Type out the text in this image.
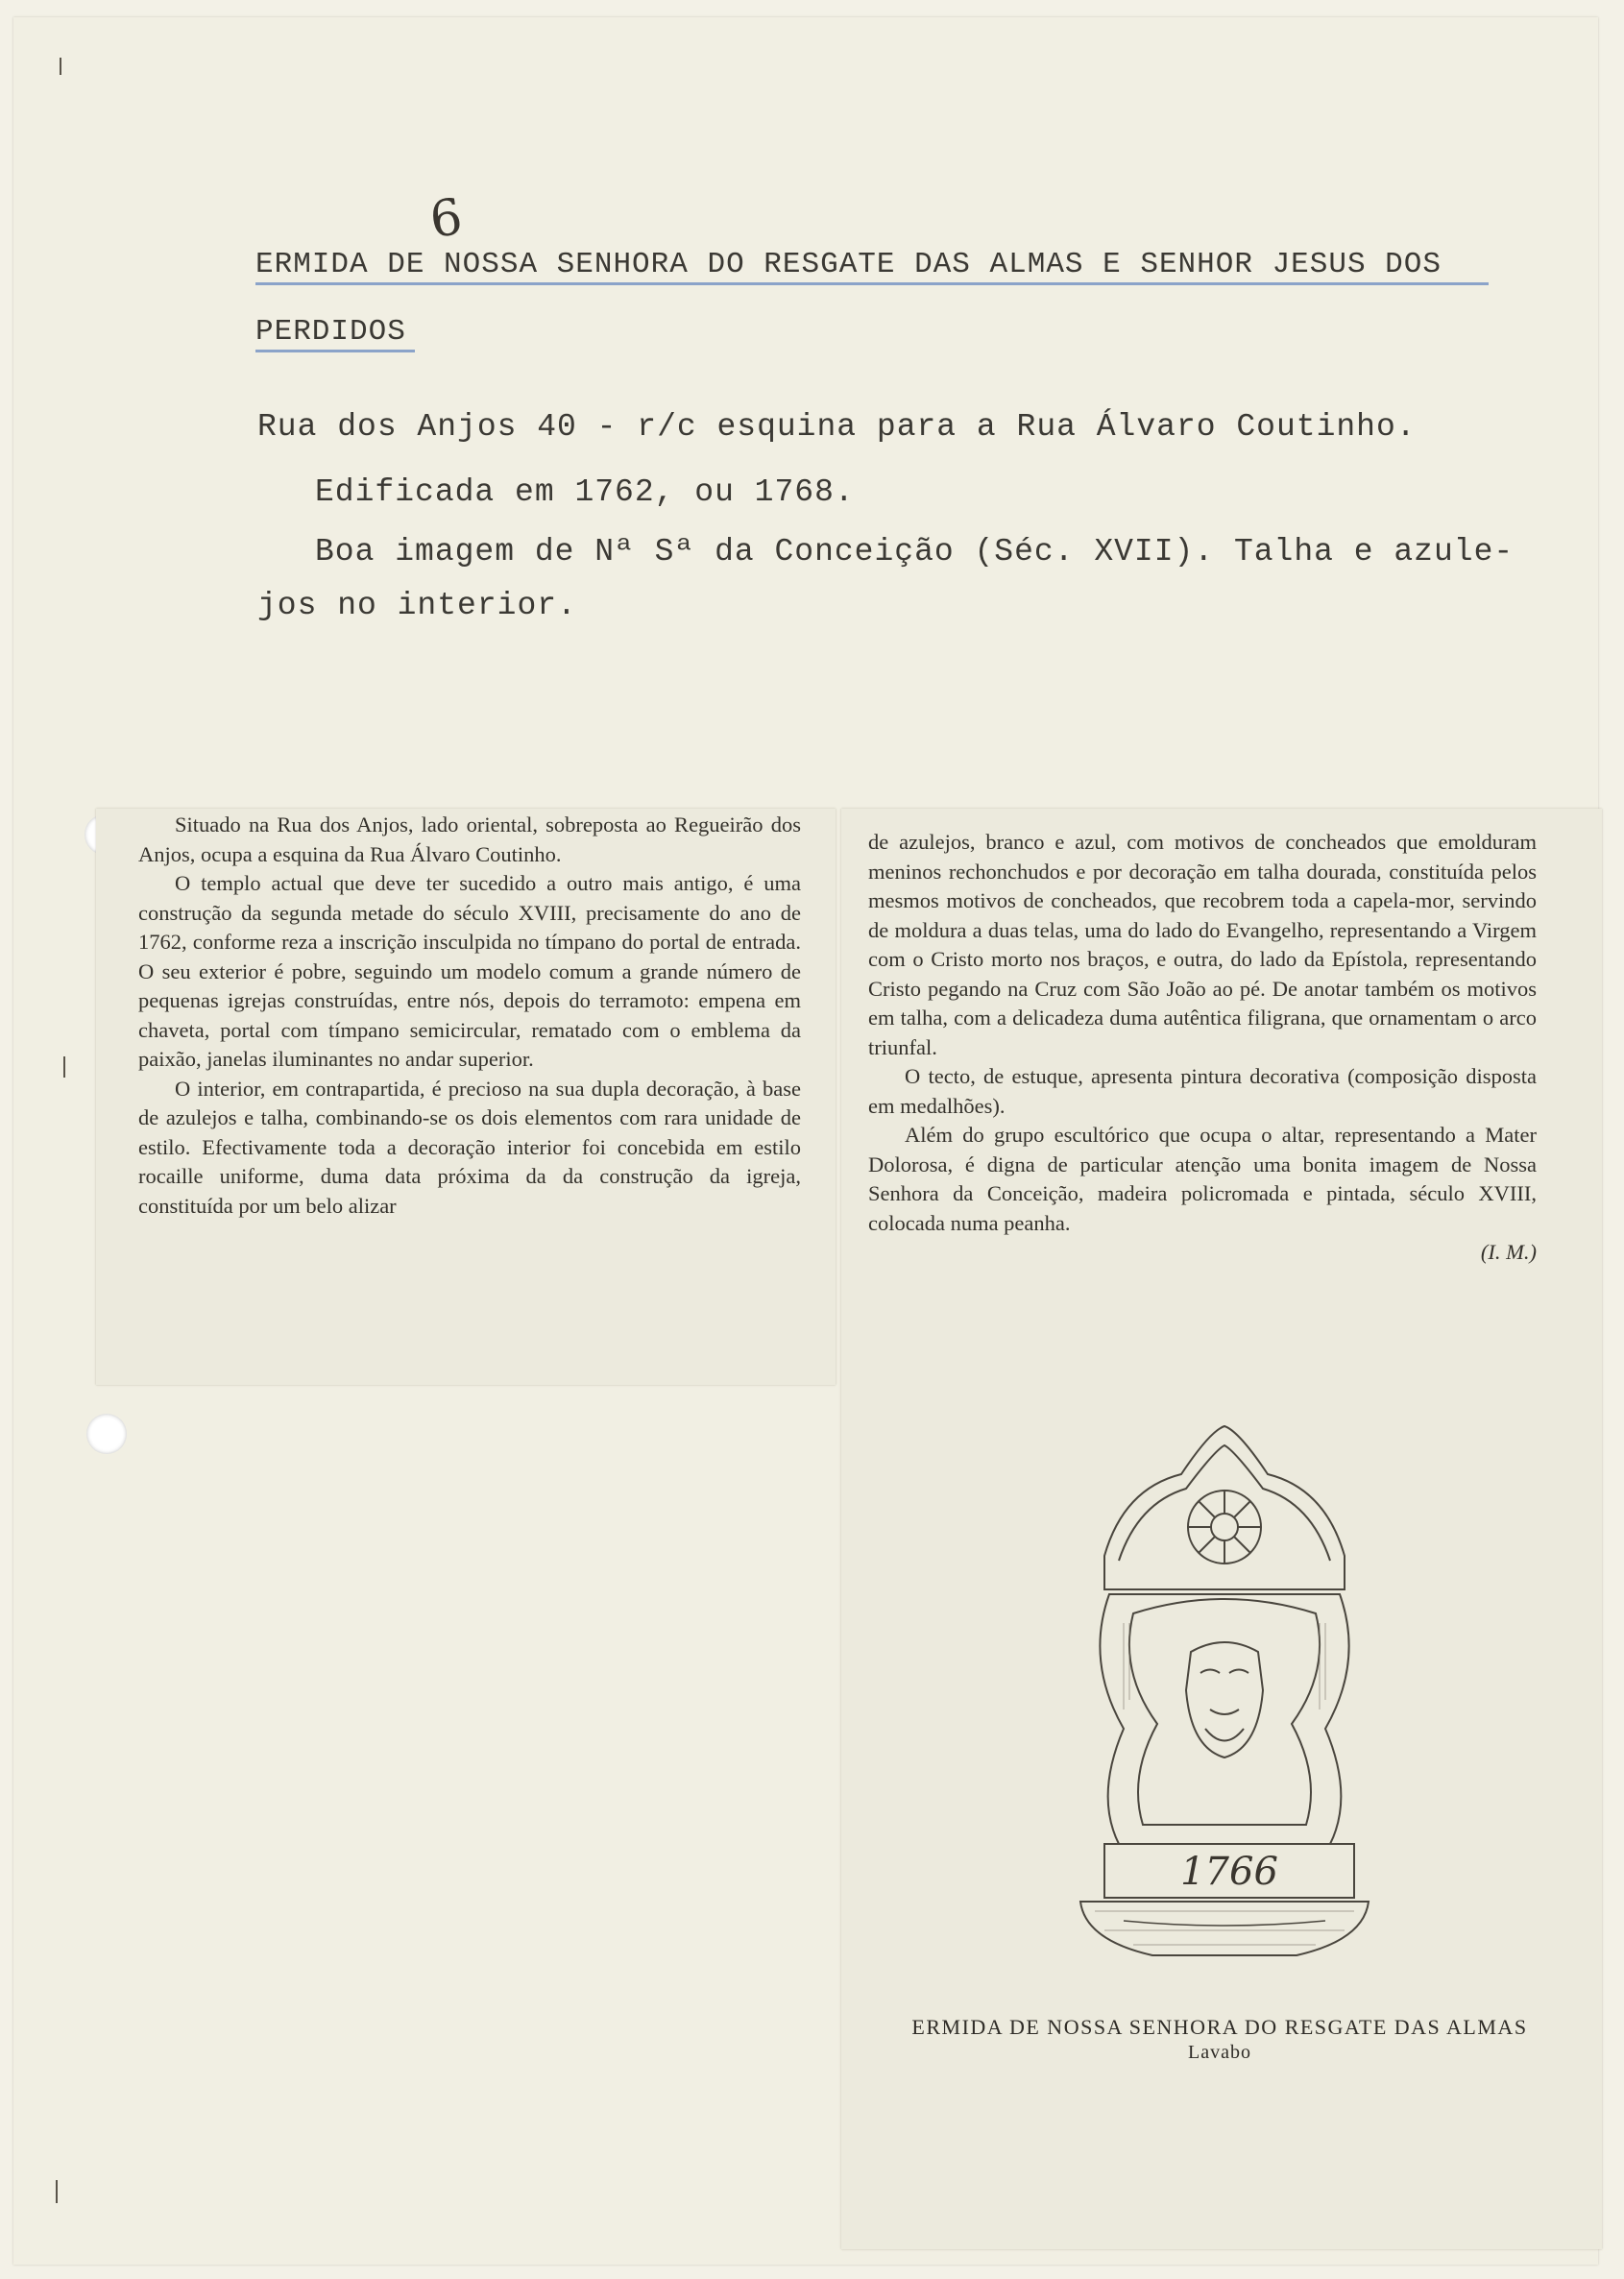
6
ERMIDA DE NOSSA SENHORA DO RESGATE DAS ALMAS E SENHOR JESUS DOS
PERDIDOS
Rua dos Anjos 40 - r/c esquina para a Rua Álvaro Coutinho.
Edificada em 1762, ou 1768.
Boa imagem de Nª Sª da Conceição (Séc. XVII). Talha e azule-
jos no interior.

Situado na Rua dos Anjos, lado oriental, sobreposta ao Regueirão dos Anjos, ocupa a esquina da Rua Álvaro Coutinho.

O templo actual que deve ter sucedido a outro mais antigo, é uma construção da segunda metade do século XVIII, precisamente do ano de 1762, conforme reza a inscrição insculpida no tímpano do portal de entrada. O seu exterior é pobre, seguindo um modelo comum a grande número de pequenas igrejas construídas, entre nós, depois do terramoto: empena em chaveta, portal com tímpano semicircular, rematado com o emblema da paixão, janelas iluminantes no andar superior.

O interior, em contrapartida, é precioso na sua dupla decoração, à base de azulejos e talha, combinando-se os dois elementos com rara unidade de estilo. Efectivamente toda a decoração interior foi concebida em estilo rocaille uniforme, duma data próxima da da construção da igreja, constituída por um belo alizar

de azulejos, branco e azul, com motivos de concheados que emolduram meninos rechonchudos e por decoração em talha dourada, constituída pelos mesmos motivos de concheados, que recobrem toda a capela-mor, servindo de moldura a duas telas, uma do lado do Evangelho, representando a Virgem com o Cristo morto nos braços, e outra, do lado da Epístola, representando Cristo pegando na Cruz com São João ao pé. De anotar também os motivos em talha, com a delicadeza duma autêntica filigrana, que ornamentam o arco triunfal.

O tecto, de estuque, apresenta pintura decorativa (composição disposta em medalhões).

Além do grupo escultórico que ocupa o altar, representando a Mater Dolorosa, é digna de particular atenção uma bonita imagem de Nossa Senhora da Conceição, madeira policromada e pintada, século XVIII, colocada numa peanha.

(I. M.)
1766
ERMIDA DE NOSSA SENHORA DO RESGATE DAS ALMAS
Lavabo
